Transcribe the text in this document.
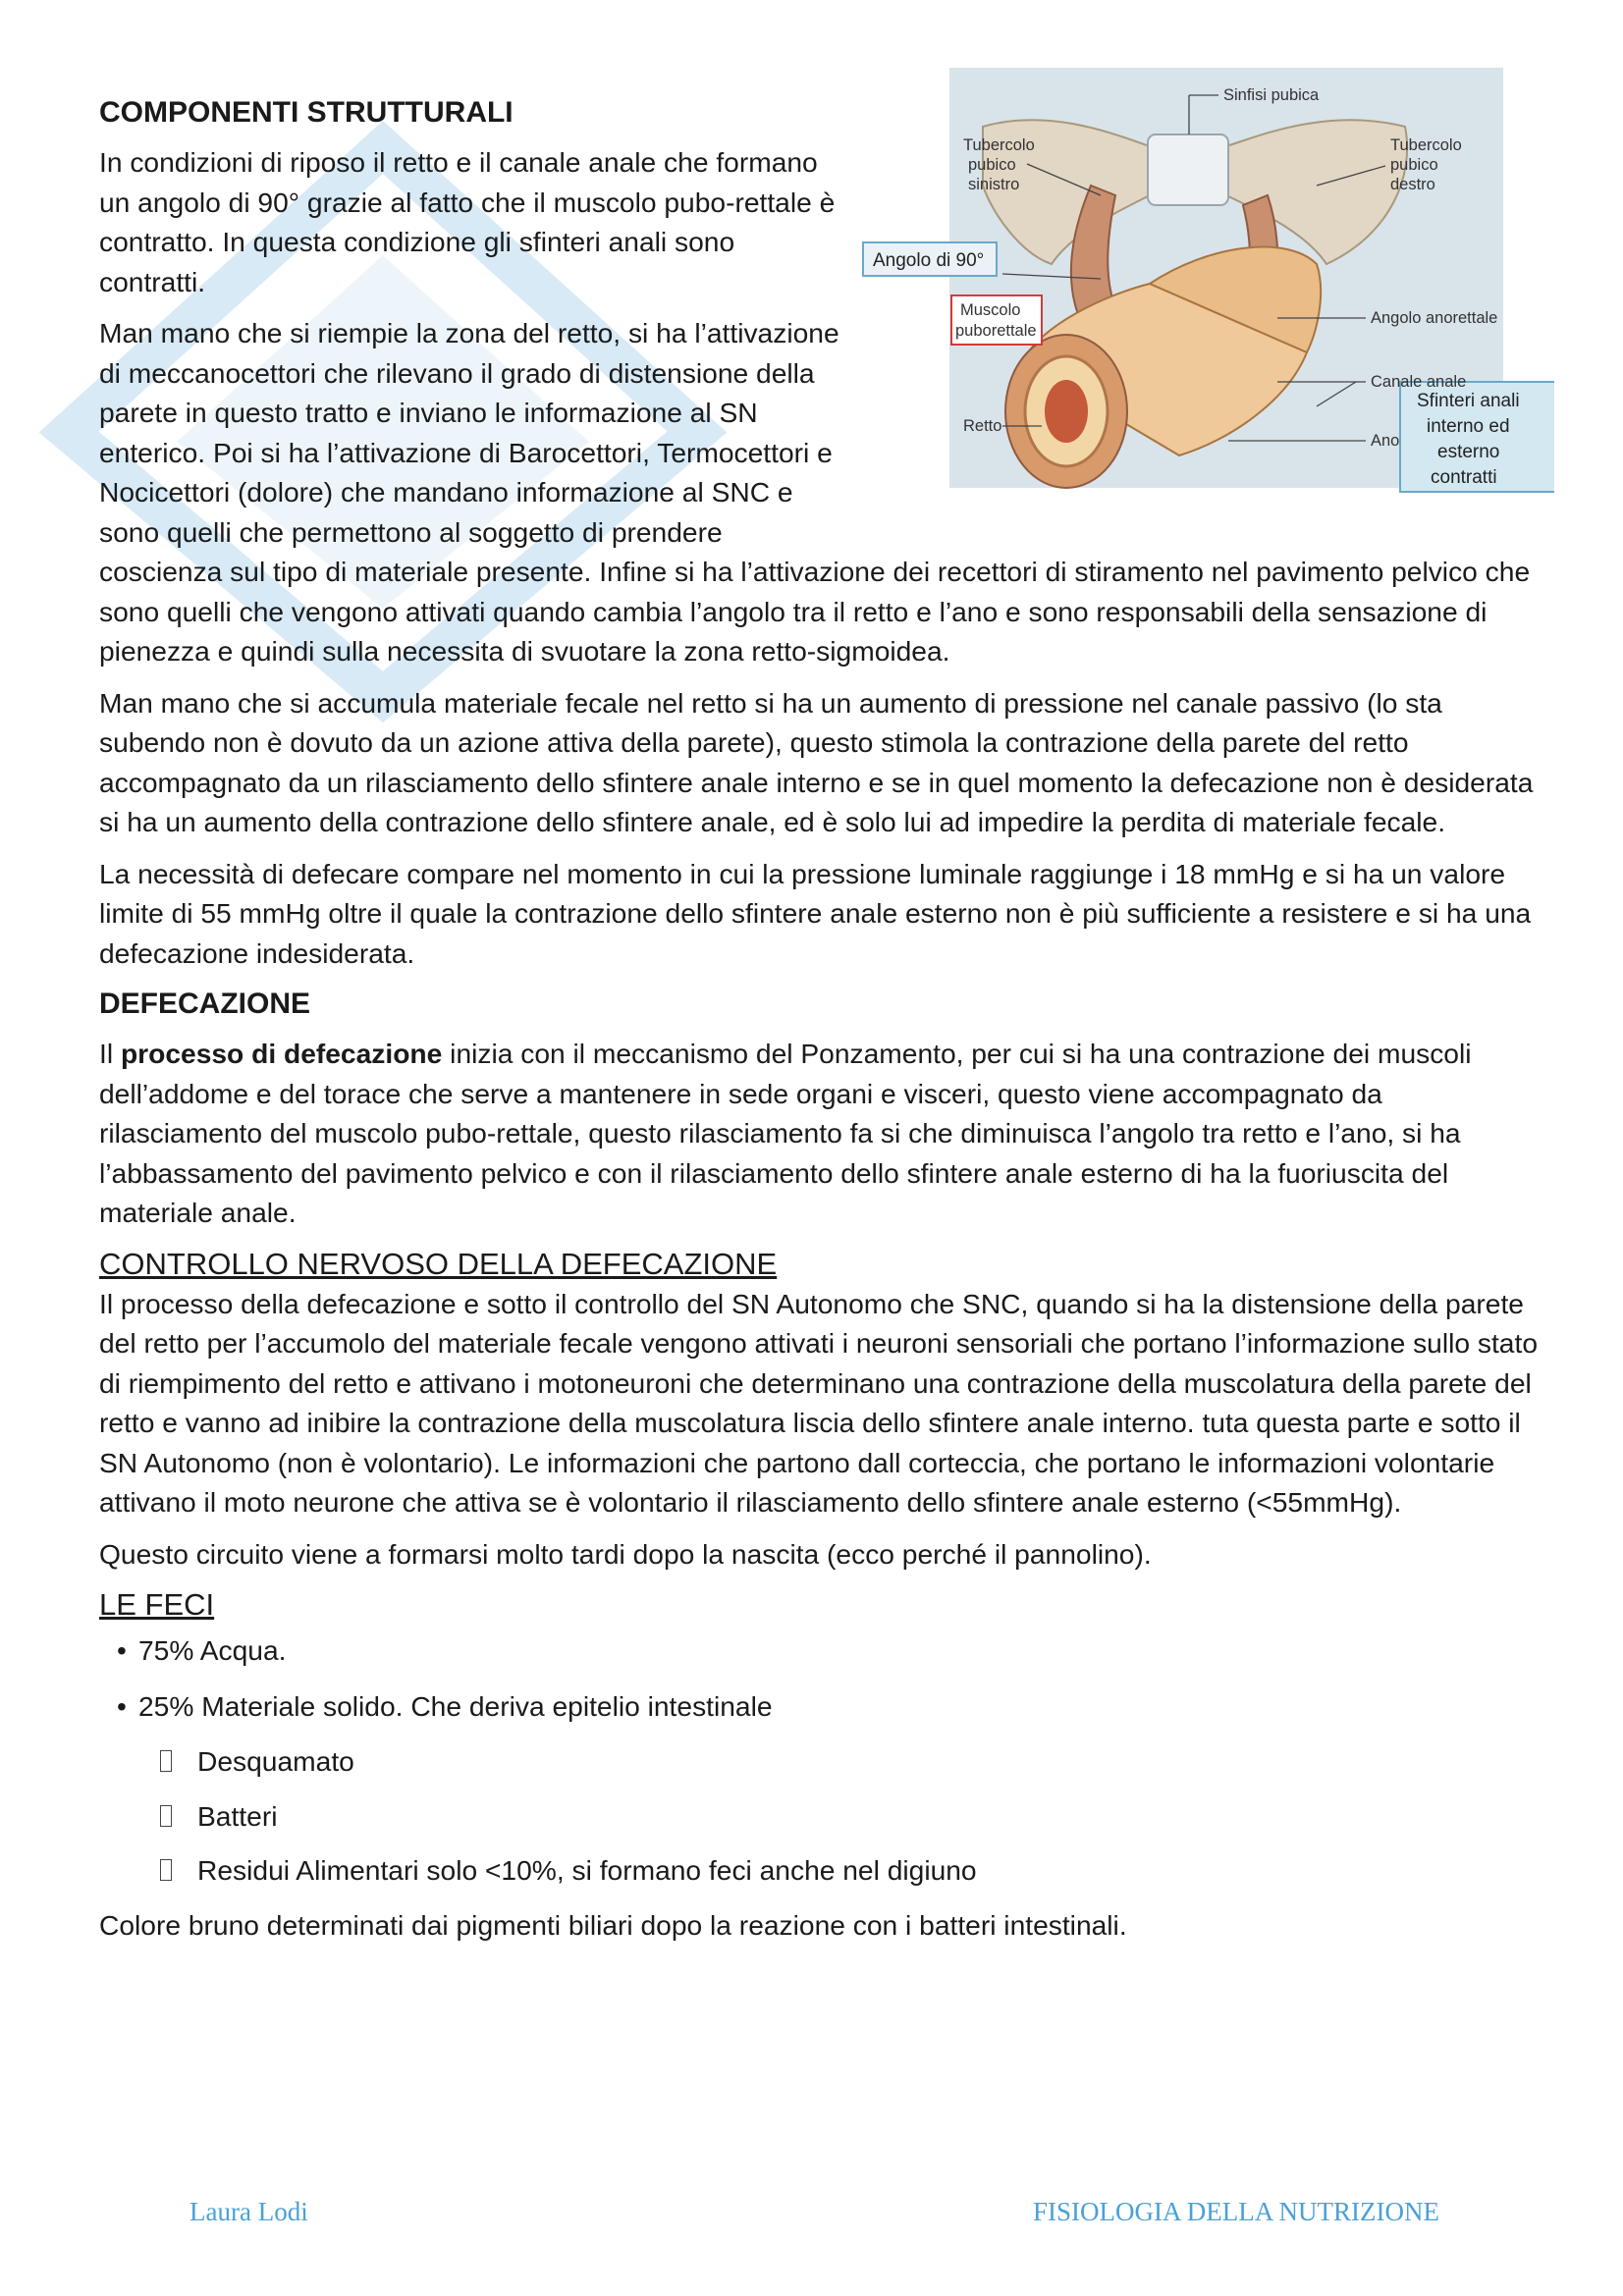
Angolo di 90°
Muscolo
puborettale
Sfinteri anali
interno ed
esterno
contratti
Sinfisi pubica
Tubercolo
pubico
sinistro
Tubercolo
pubico
destro
Angolo anorettale
Canale anale
Retto
Ano
COMPONENTI STRUTTURALI

In condizioni di riposo il retto e il canale anale che formano un angolo di 90° grazie al fatto che il muscolo pubo-rettale è contratto. In questa condizione gli sfinteri anali sono contratti.

Man mano che si riempie la zona del retto, si ha l’attivazione di meccanocettori che rilevano il grado di distensione della parete in questo tratto e inviano le informazione al SN enterico. Poi si ha l’attivazione di Barocettori, Termocettori e Nocicettori (dolore) che mandano informazione al SNC e sono quelli che permettono al soggetto di prendere coscienza sul tipo di materiale presente. Infine si ha l’attivazione dei recettori di stiramento nel pavimento pelvico che sono quelli che vengono attivati quando cambia l’angolo tra il retto e l’ano e sono responsabili della sensazione di pienezza e quindi sulla necessita di svuotare la zona retto-sigmoidea.

Man mano che si accumula materiale fecale nel retto si ha un aumento di pressione nel canale passivo (lo sta subendo non è dovuto da un azione attiva della parete), questo stimola la contrazione della parete del retto accompagnato da un rilasciamento dello sfintere anale interno e se in quel momento la defecazione non è desiderata si ha un aumento della contrazione dello sfintere anale, ed è solo lui ad impedire la perdita di materiale fecale.

La necessità di defecare compare nel momento in cui la pressione luminale raggiunge i 18 mmHg e si ha un valore limite di 55 mmHg oltre il quale la contrazione dello sfintere anale esterno non è più sufficiente a resistere e si ha una defecazione indesiderata.

DEFECAZIONE

Il processo di defecazione inizia con il meccanismo del Ponzamento, per cui si ha una contrazione dei muscoli dell’addome e del torace che serve a mantenere in sede organi e visceri, questo viene accompagnato da rilasciamento del muscolo pubo-rettale, questo rilasciamento fa si che diminuisca l’angolo tra retto e l’ano, si ha l’abbassamento del pavimento pelvico e con il rilasciamento dello sfintere anale esterno di ha la fuoriuscita del materiale anale.

CONTROLLO NERVOSO DELLA DEFECAZIONE

Il processo della defecazione e sotto il controllo del SN Autonomo che SNC, quando si ha la distensione della parete del retto per l’accumolo del materiale fecale vengono attivati i neuroni sensoriali che portano l’informazione sullo stato di riempimento del retto e attivano i motoneuroni che determinano una contrazione della muscolatura della parete del retto e vanno ad inibire la contrazione della muscolatura liscia dello sfintere anale interno. tuta questa parte e sotto il SN Autonomo (non è volontario). Le informazioni che partono dall corteccia, che portano le informazioni volontarie attivano il moto neurone che attiva se è volontario il rilasciamento dello sfintere anale esterno (<55mmHg).

Questo circuito viene a formarsi molto tardi dopo la nascita (ecco perché il pannolino).

LE FECI
• 75% Acqua.
• 25% Materiale solido. Che deriva epitelio intestinale
Desquamato
Batteri
Residui Alimentari solo <10%, si formano feci anche nel digiuno

Colore bruno determinati dai pigmenti biliari dopo la reazione con i batteri intestinali.

Laura Lodi	FISIOLOGIA DELLA NUTRIZIONE
